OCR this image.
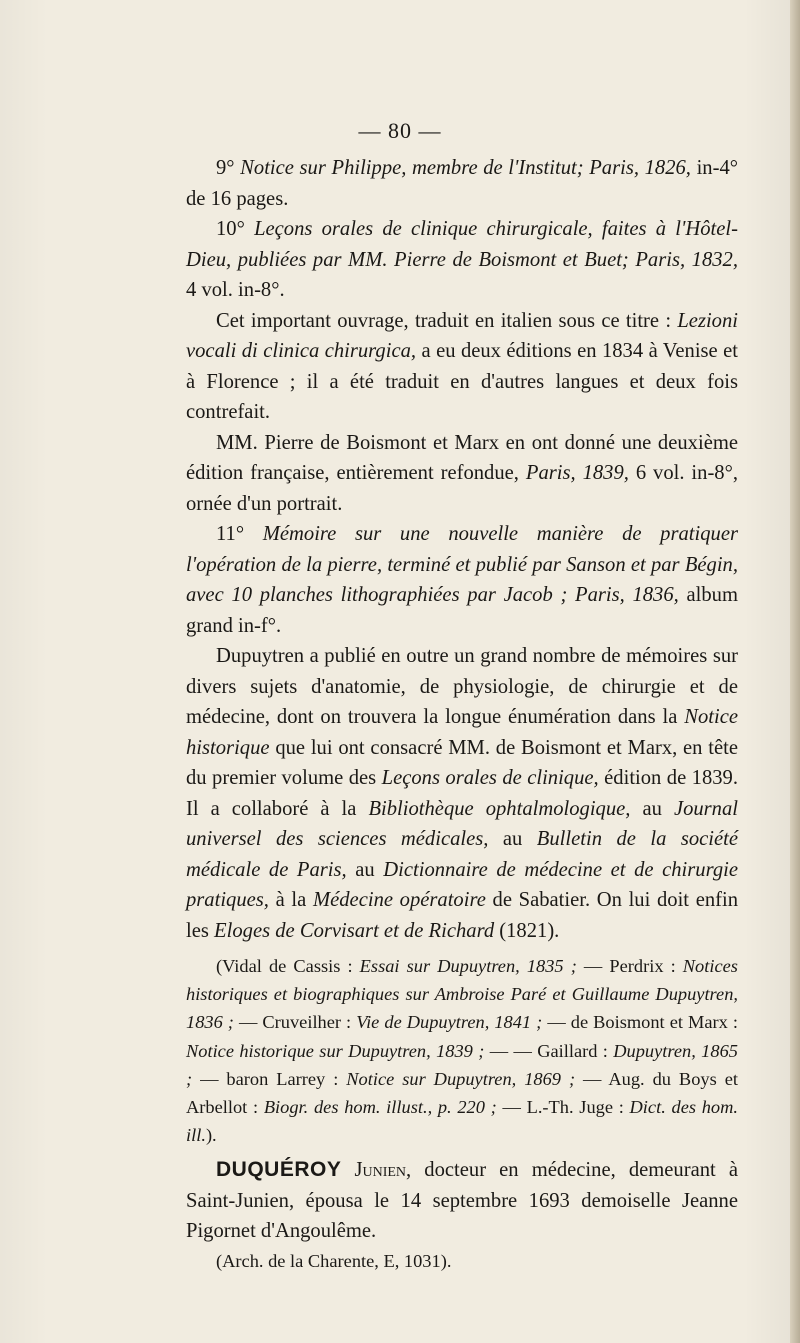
— 80 —

9° Notice sur Philippe, membre de l'Institut; Paris, 1826, in-4° de 16 pages.

10° Leçons orales de clinique chirurgicale, faites à l'Hôtel-Dieu, publiées par MM. Pierre de Boismont et Buet; Paris, 1832, 4 vol. in-8°.

Cet important ouvrage, traduit en italien sous ce titre : Lezioni vocali di clinica chirurgica, a eu deux éditions en 1834 à Venise et à Florence ; il a été traduit en d'autres langues et deux fois contrefait.

MM. Pierre de Boismont et Marx en ont donné une deuxième édition française, entièrement refondue, Paris, 1839, 6 vol. in-8°, ornée d'un portrait.

11° Mémoire sur une nouvelle manière de pratiquer l'opération de la pierre, terminé et publié par Sanson et par Bégin, avec 10 planches lithographiées par Jacob ; Paris, 1836, album grand in-f°.

Dupuytren a publié en outre un grand nombre de mémoires sur divers sujets d'anatomie, de physiologie, de chirurgie et de médecine, dont on trouvera la longue énumération dans la Notice historique que lui ont consacré MM. de Boismont et Marx, en tête du premier volume des Leçons orales de clinique, édition de 1839. Il a collaboré à la Bibliothèque ophtalmologique, au Journal universel des sciences médicales, au Bulletin de la société médicale de Paris, au Dictionnaire de médecine et de chirurgie pratiques, à la Médecine opératoire de Sabatier. On lui doit enfin les Eloges de Corvisart et de Richard (1821).

(Vidal de Cassis : Essai sur Dupuytren, 1835 ; — Perdrix : Notices historiques et biographiques sur Ambroise Paré et Guillaume Dupuytren, 1836 ; — Cruveilher : Vie de Dupuytren, 1841 ; — de Boismont et Marx : Notice historique sur Dupuytren, 1839 ; — — Gaillard : Dupuytren, 1865 ; — baron Larrey : Notice sur Dupuytren, 1869 ; — Aug. du Boys et Arbellot : Biogr. des hom. illust., p. 220 ; — L.-Th. Juge : Dict. des hom. ill.).

DUQUÉROY Junien, docteur en médecine, demeurant à Saint-Junien, épousa le 14 septembre 1693 demoiselle Jeanne Pigornet d'Angoulême.

(Arch. de la Charente, E, 1031).
